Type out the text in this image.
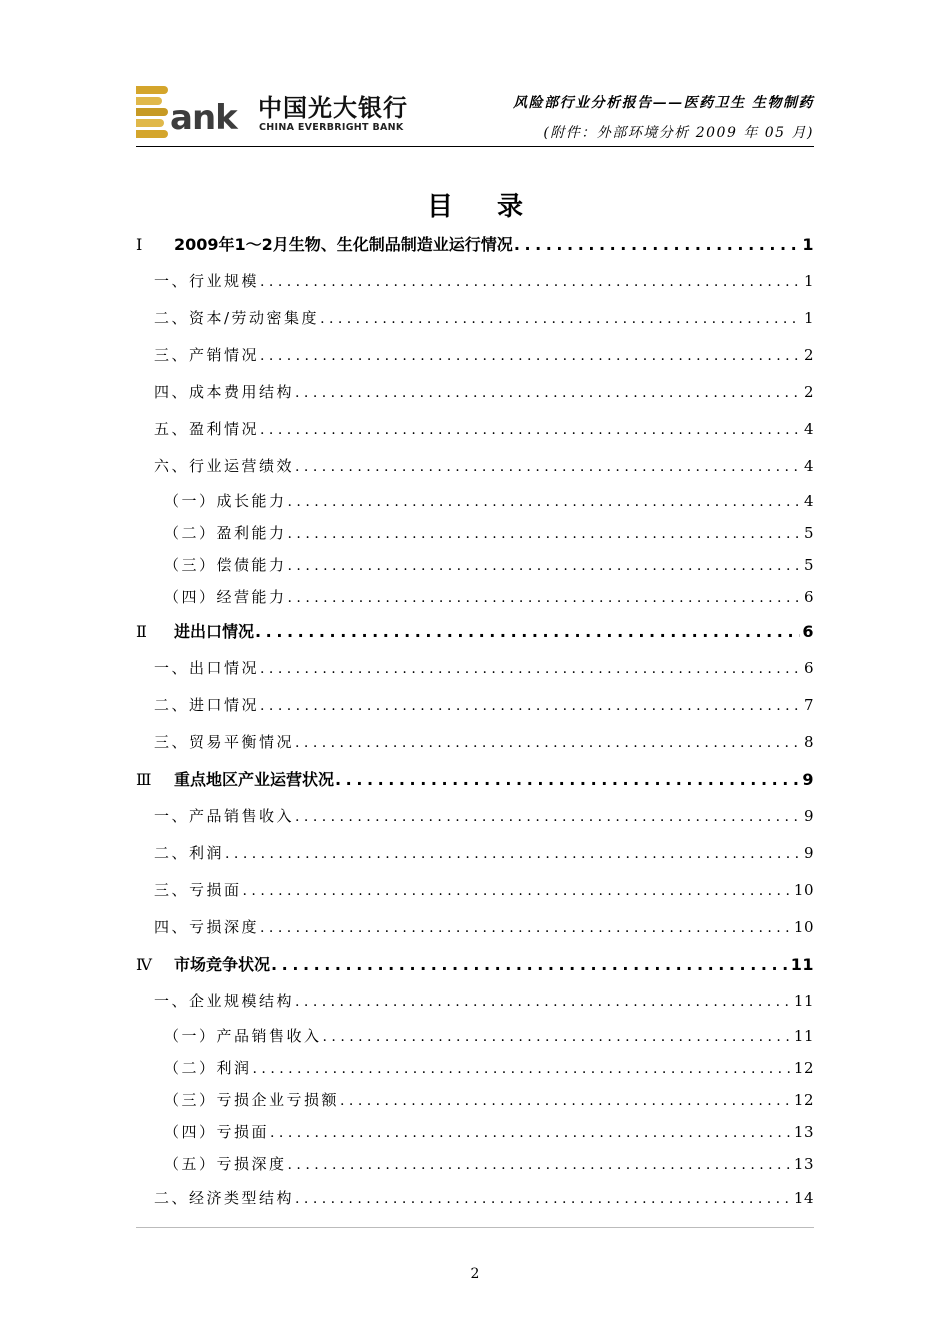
ank 中国光大银行
CHINA EVERBRIGHT BANK
风险部行业分析报告——医药卫生 生物制药
(附件：外部环境分析 2009 年 05 月)
目录
Ⅰ 2009年1～2月生物、生化制品制造业运行情况 . . .	1
一、行业规模 . . .	1
二、资本/劳动密集度 . . .	1
三、产销情况 . . .	2
四、成本费用结构 . . .	2
五、盈利情况 . . .	4
六、行业运营绩效 . . .	4
（一）成长能力 . . .	4
（二）盈利能力 . . .	5
（三）偿债能力 . . .	5
（四）经营能力 . . .	6
Ⅱ 进出口情况 . . .	6
一、出口情况 . . .	6
二、进口情况 . . .	7
三、贸易平衡情况 . . .	8
Ⅲ 重点地区产业运营状况 . . .	9
一、产品销售收入 . . .	9
二、利润 . . .	9
三、亏损面 . . .	10
四、亏损深度 . . .	10
Ⅳ 市场竞争状况 . . .	11
一、企业规模结构 . . .	11
（一）产品销售收入 . . .	11
（二）利润 . . .	12
（三）亏损企业亏损额 . . .	12
（四）亏损面 . . .	13
（五）亏损深度 . . .	13
二、经济类型结构 . . .	14
2
